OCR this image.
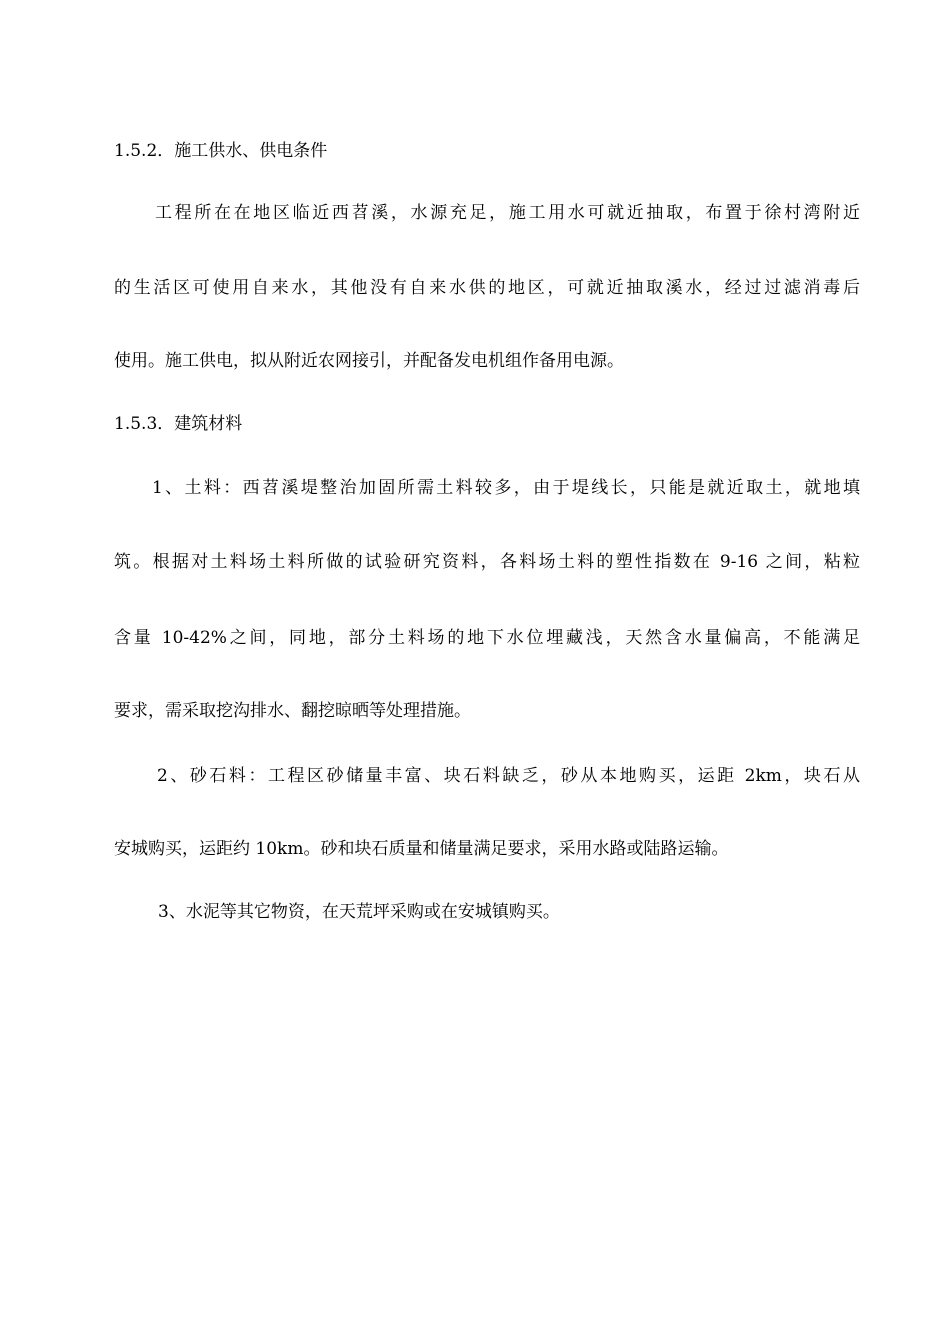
1.5.2．施工供水、供电条件
工程所在在地区临近西苕溪，水源充足，施工用水可就近抽取，布置于徐村湾附近
的生活区可使用自来水，其他没有自来水供的地区，可就近抽取溪水，经过过滤消毒后
使用。施工供电，拟从附近农网接引，并配备发电机组作备用电源。
1.5.3．建筑材料
1、土料：西苕溪堤整治加固所需土料较多，由于堤线长，只能是就近取土，就地填
筑。根据对土料场土料所做的试验研究资料，各料场土料的塑性指数在 9-16 之间，粘粒
含量 10-42%之间，同地，部分土料场的地下水位埋藏浅，天然含水量偏高，不能满足
要求，需采取挖沟排水、翻挖晾晒等处理措施。
2、砂石料：工程区砂储量丰富、块石料缺乏，砂从本地购买，运距 2km，块石从
安城购买，运距约 10km。砂和块石质量和储量满足要求，采用水路或陆路运输。
3、水泥等其它物资，在天荒坪采购或在安城镇购买。
